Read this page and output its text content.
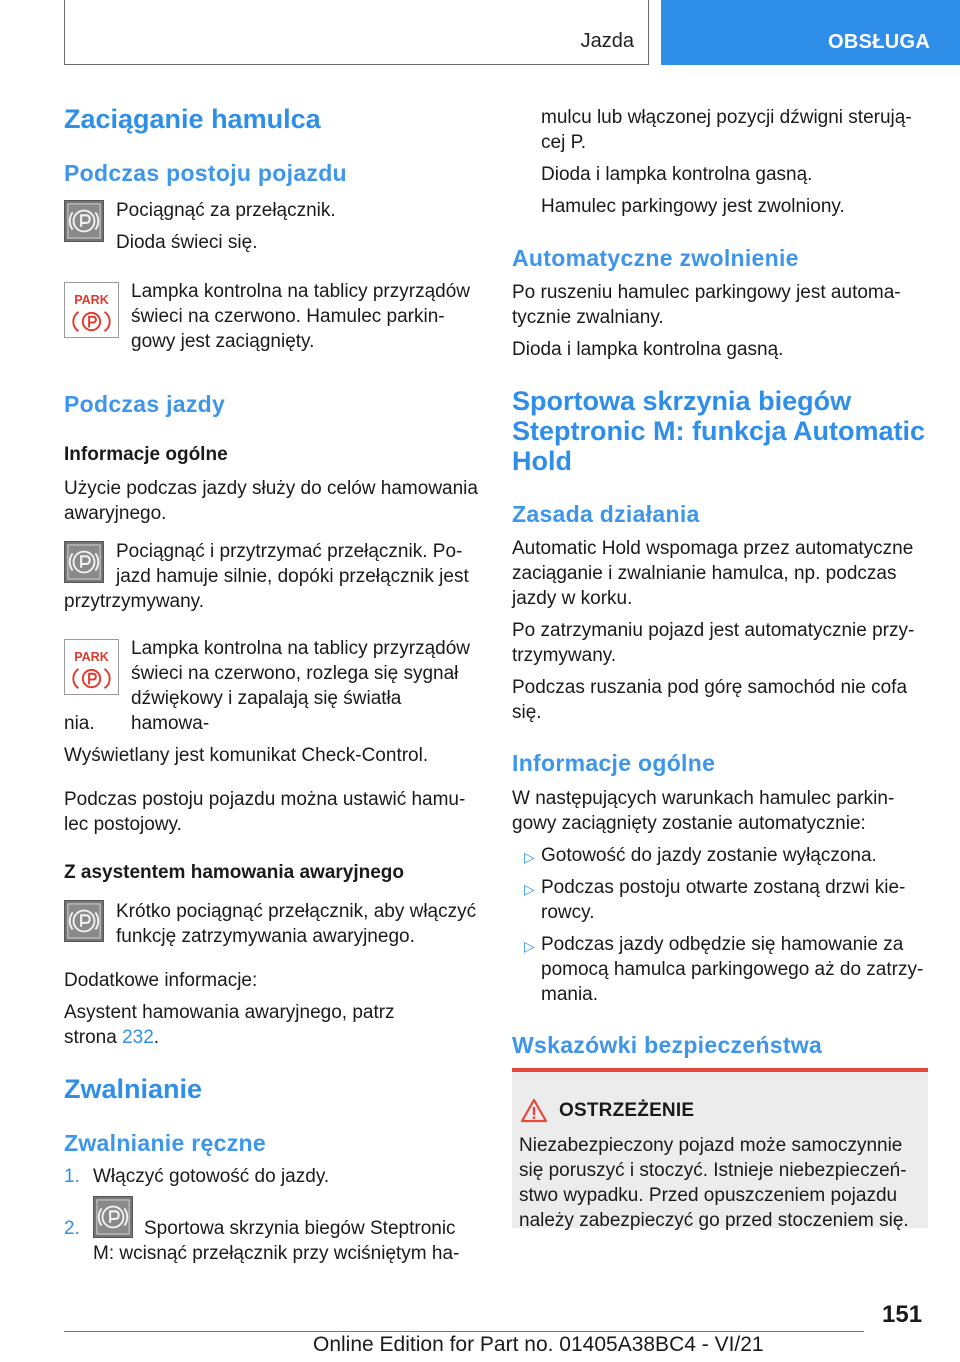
Jazda	OBSŁUGA
Zaciąganie hamulca
Podczas postoju pojazdu
Pociągnąć za przełącznik.
Dioda świeci się.
PARK Lampka kontrolna na tablicy przyrządów
świeci na czerwono. Hamulec parkin-
gowy jest zaciągnięty.
Podczas jazdy
Informacje ogólne
Użycie podczas jazdy służy do celów hamowania
awaryjnego.
Pociągnąć i przytrzymać przełącznik. Po-
jazd hamuje silnie, dopóki przełącznik jest
przytrzymywany.
PARK Lampka kontrolna na tablicy przyrządów
świeci na czerwono, rozlega się sygnał
dźwiękowy i zapalają się światła hamowa-
nia.
Wyświetlany jest komunikat Check-Control.
Podczas postoju pojazdu można ustawić hamu-
lec postojowy.
Z asystentem hamowania awaryjnego
Krótko pociągnąć przełącznik, aby włączyć
funkcję zatrzymywania awaryjnego.
Dodatkowe informacje:
Asystent hamowania awaryjnego, patrz
strona 232.
Zwalnianie
Zwalnianie ręczne
1. Włączyć gotowość do jazdy.
2.	Sportowa skrzynia biegów Steptronic
M: wcisnąć przełącznik przy wciśniętym ha-
mulcu lub włączonej pozycji dźwigni sterują-
cej P.
Dioda i lampka kontrolna gasną.
Hamulec parkingowy jest zwolniony.
Automatyczne zwolnienie
Po ruszeniu hamulec parkingowy jest automa-
tycznie zwalniany.
Dioda i lampka kontrolna gasną.
Sportowa skrzynia biegów
Steptronic M: funkcja Automatic
Hold
Zasada działania
Automatic Hold wspomaga przez automatyczne
zaciąganie i zwalnianie hamulca, np. podczas
jazdy w korku.
Po zatrzymaniu pojazd jest automatycznie przy-
trzymywany.
Podczas ruszania pod górę samochód nie cofa
się.
Informacje ogólne
W następujących warunkach hamulec parkin-
gowy zaciągnięty zostanie automatycznie:
▷ Gotowość do jazdy zostanie wyłączona.
▷ Podczas postoju otwarte zostaną drzwi kie-
rowcy.
▷ Podczas jazdy odbędzie się hamowanie za
pomocą hamulca parkingowego aż do zatrzy-
mania.
Wskazówki bezpieczeństwa
OSTRZEŻENIE
Niezabezpieczony pojazd może samoczynnie
się poruszyć i stoczyć. Istnieje niebezpieczeń-
stwo wypadku. Przed opuszczeniem pojazdu
należy zabezpieczyć go przed stoczeniem się.
151
Online Edition for Part no. 01405A38BC4 - VI/21
